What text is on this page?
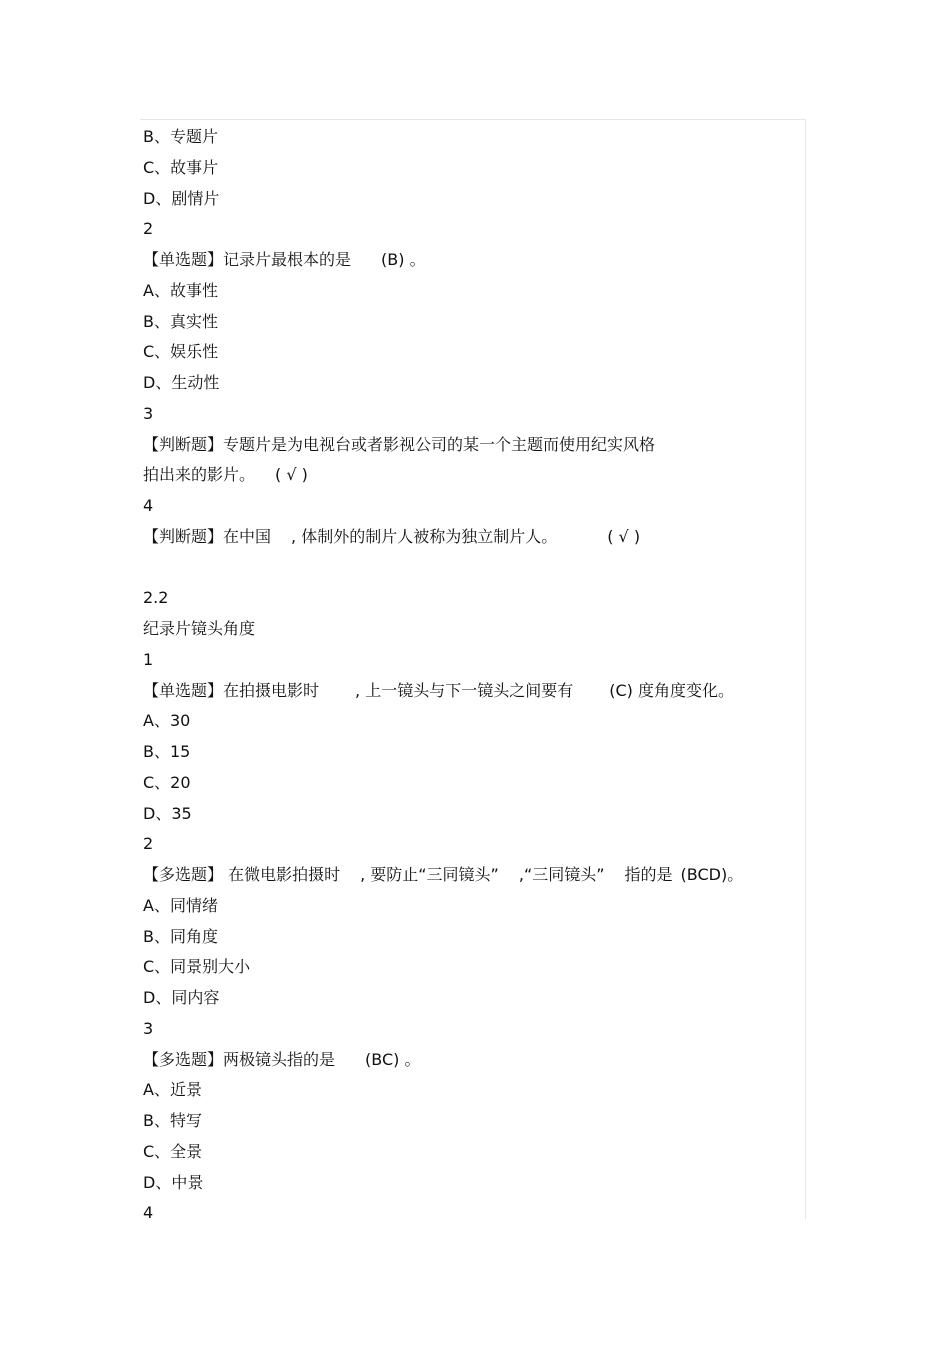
B、专题片
C、故事片
D、剧情片
2
【单选题】记录片最根本的是 (B) 。
A、故事性
B、真实性
C、娱乐性
D、生动性
3
【判断题】专题片是为电视台或者影视公司的某一个主题而使用纪实风格
拍出来的影片。 ( √ )
4
【判断题】在中国 , 体制外的制片人被称为独立制片人。	( √ )
2.2
纪录片镜头角度
1
【单选题】在拍摄电影时 , 上一镜头与下一镜头之间要有 (C) 度角度变化。
A、30
B、15
C、20
D、35
2
【多选题】 在微电影拍摄时 , 要防止“三同镜头” ,“三同镜头” 指的是 (BCD)。
A、同情绪
B、同角度
C、同景别大小
D、同内容
3
【多选题】两极镜头指的是 (BC) 。
A、近景
B、特写
C、全景
D、中景
4
